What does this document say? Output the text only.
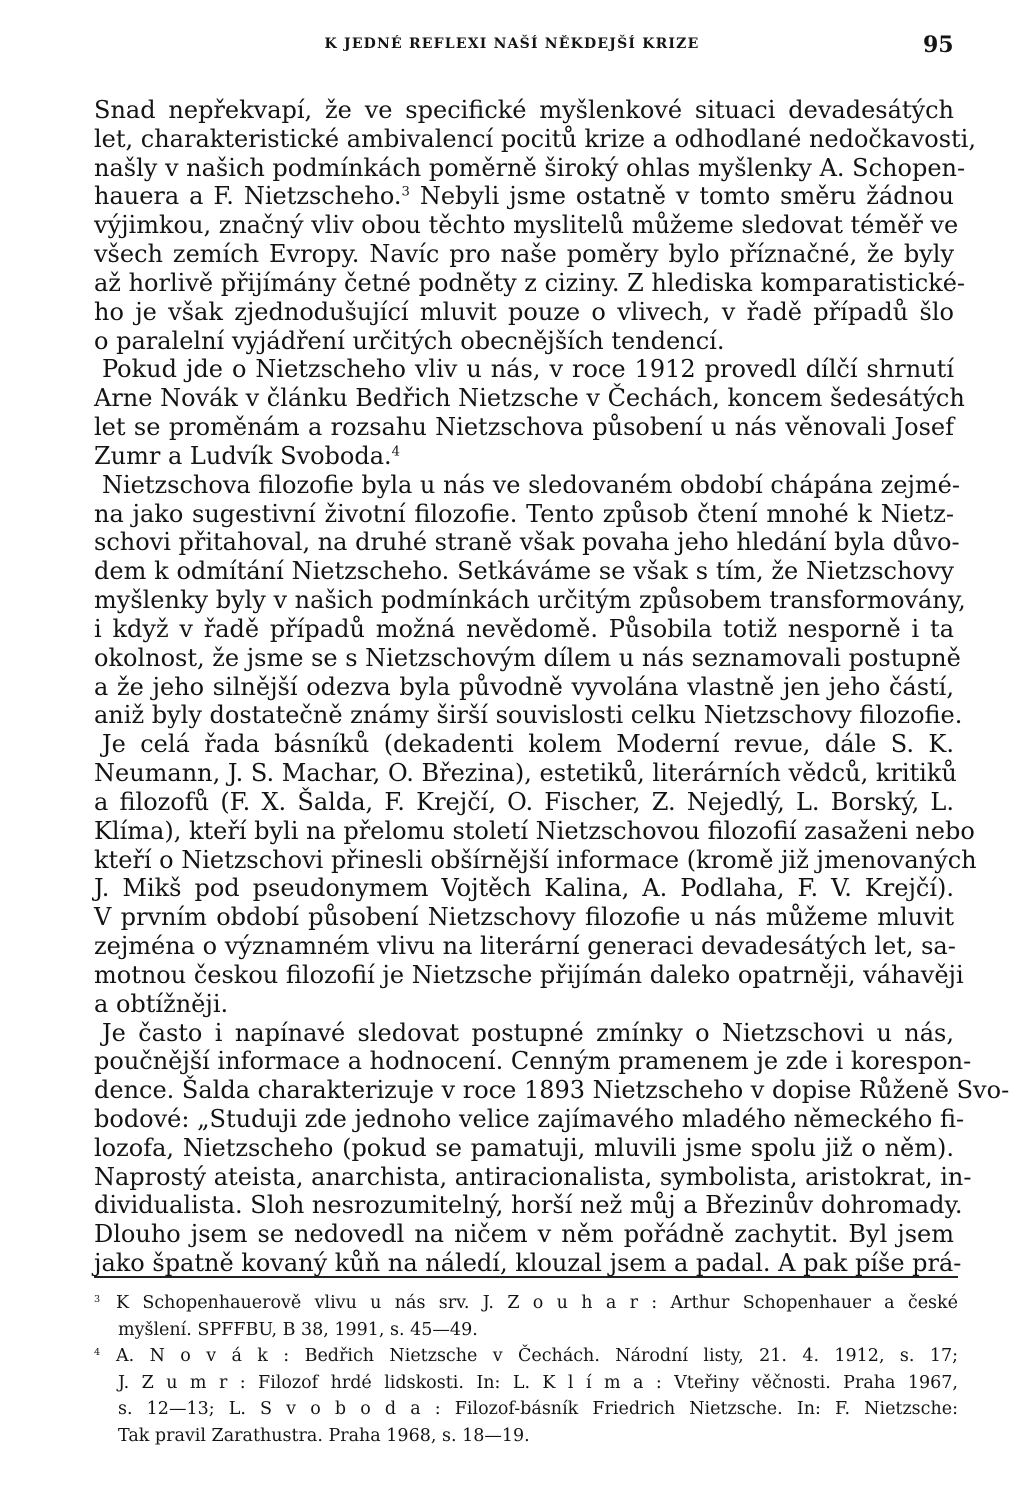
K JEDNÉ REFLEXI NAŠÍ NĚKDEJŠÍ KRIZE	95
Snad nepřekvapí, že ve specifické myšlenkové situaci devadesátých
let, charakteristické ambivalencí pocitů krize a odhodlané nedočkavosti,
našly v našich podmínkách poměrně široký ohlas myšlenky A. Schopen-
hauera a F. Nietzscheho.$^3$ Nebyli jsme ostatně v tomto směru žádnou
výjimkou, značný vliv obou těchto myslitelů můžeme sledovat téměř ve
všech zemích Evropy. Navíc pro naše poměry bylo příznačné, že byly
až horlivě přijímány četné podněty z ciziny. Z hlediska komparatistické-
ho je však zjednodušující mluvit pouze o vlivech, v řadě případů šlo
o paralelní vyjádření určitých obecnějších tendencí.
Pokud jde o Nietzscheho vliv u nás, v roce 1912 provedl dílčí shrnutí
Arne Novák v článku Bedřich Nietzsche v Čechách, koncem šedesátých
let se proměnám a rozsahu Nietzschova působení u nás věnovali Josef
Zumr a Ludvík Svoboda.$^4$
Nietzschova filozofie byla u nás ve sledovaném období chápána zejmé-
na jako sugestivní životní filozofie. Tento způsob čtení mnohé k Nietz-
schovi přitahoval, na druhé straně však povaha jeho hledání byla důvo-
dem k odmítání Nietzscheho. Setkáváme se však s tím, že Nietzschovy
myšlenky byly v našich podmínkách určitým způsobem transformovány,
i když v řadě případů možná nevědomě. Působila totiž nesporně i ta
okolnost, že jsme se s Nietzschovým dílem u nás seznamovali postupně
a že jeho silnější odezva byla původně vyvolána vlastně jen jeho částí,
aniž byly dostatečně známy širší souvislosti celku Nietzschovy filozofie.
Je celá řada básníků (dekadenti kolem Moderní revue, dále S. K.
Neumann, J. S. Machar, O. Březina), estetiků, literárních vědců, kritiků
a filozofů (F. X. Šalda, F. Krejčí, O. Fischer, Z. Nejedlý, L. Borský, L.
Klíma), kteří byli na přelomu století Nietzschovou filozofií zasaženi nebo
kteří o Nietzschovi přinesli obšírnější informace (kromě již jmenovaných
J. Mikš pod pseudonymem Vojtěch Kalina, A. Podlaha, F. V. Krejčí).
V prvním období působení Nietzschovy filozofie u nás můžeme mluvit
zejména o významném vlivu na literární generaci devadesátých let, sa-
motnou českou filozofií je Nietzsche přijímán daleko opatrněji, váhavěji
a obtížněji.
Je často i napínavé sledovat postupné zmínky o Nietzschovi u nás,
poučnější informace a hodnocení. Cenným pramenem je zde i korespon-
dence. Šalda charakterizuje v roce 1893 Nietzscheho v dopise Růženě Svo-
bodové: „Studuji zde jednoho velice zajímavého mladého německého fi-
lozofa, Nietzscheho (pokud se pamatuji, mluvili jsme spolu již o něm).
Naprostý ateista, anarchista, antiracionalista, symbolista, aristokrat, in-
dividualista. Sloh nesrozumitelný, horší než můj a Březinův dohromady.
Dlouho jsem se nedovedl na ničem v něm pořádně zachytit. Byl jsem
jako špatně kovaný kůň na náledí, klouzal jsem a padal. A pak píše prá-
$^3$ K Schopenhauerově vlivu u nás srv. J. Z o u h a r : Arthur Schopenhauer a české
myšlení. SPFFBU, B 38, 1991, s. 45—49.
$^4$ A. N o v á k : Bedřich Nietzsche v Čechách. Národní listy, 21. 4. 1912, s. 17;
J. Z u m r : Filozof hrdé lidskosti. In: L. K l í m a : Vteřiny věčnosti. Praha 1967,
s. 12—13; L. S v o b o d a : Filozof-básník Friedrich Nietzsche. In: F. Nietzsche:
Tak pravil Zarathustra. Praha 1968, s. 18—19.
